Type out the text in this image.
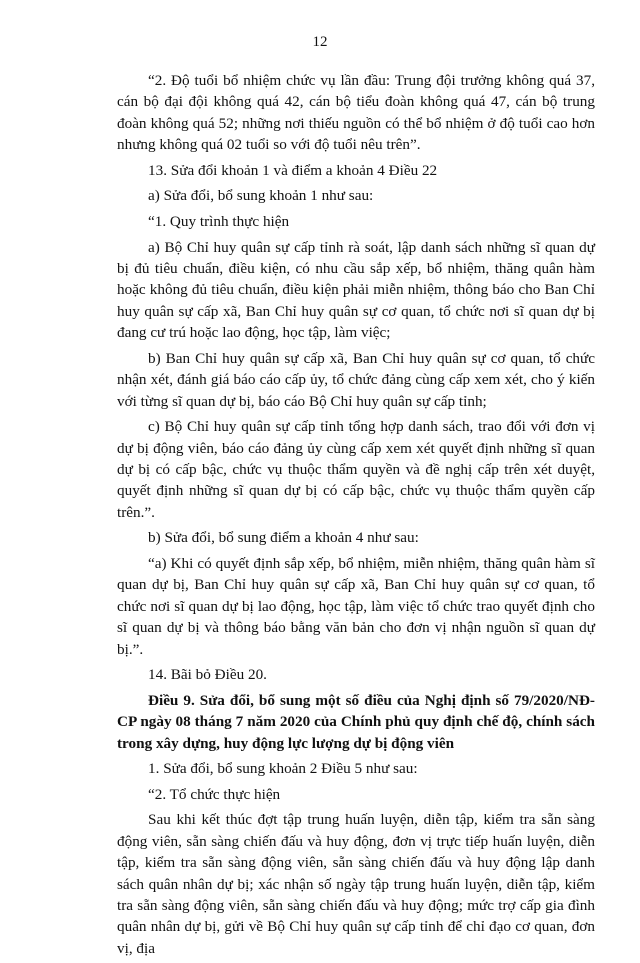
12

“2. Độ tuổi bổ nhiệm chức vụ lần đầu: Trung đội trưởng không quá 37, cán bộ đại đội không quá 42, cán bộ tiểu đoàn không quá 47, cán bộ trung đoàn không quá 52; những nơi thiếu nguồn có thể bổ nhiệm ở độ tuổi cao hơn nhưng không quá 02 tuổi so với độ tuổi nêu trên”.

13. Sửa đổi khoản 1 và điểm a khoản 4 Điều 22

a) Sửa đổi, bổ sung khoản 1 như sau:

“1. Quy trình thực hiện

a) Bộ Chỉ huy quân sự cấp tỉnh rà soát, lập danh sách những sĩ quan dự bị đủ tiêu chuẩn, điều kiện, có nhu cầu sắp xếp, bổ nhiệm, thăng quân hàm hoặc không đủ tiêu chuẩn, điều kiện phải miễn nhiệm, thông báo cho Ban Chỉ huy quân sự cấp xã, Ban Chỉ huy quân sự cơ quan, tổ chức nơi sĩ quan dự bị đang cư trú hoặc lao động, học tập, làm việc;

b) Ban Chỉ huy quân sự cấp xã, Ban Chỉ huy quân sự cơ quan, tổ chức nhận xét, đánh giá báo cáo cấp ủy, tổ chức đảng cùng cấp xem xét, cho ý kiến với từng sĩ quan dự bị, báo cáo Bộ Chỉ huy quân sự cấp tỉnh;

c) Bộ Chỉ huy quân sự cấp tỉnh tổng hợp danh sách, trao đổi với đơn vị dự bị động viên, báo cáo đảng ủy cùng cấp xem xét quyết định những sĩ quan dự bị có cấp bậc, chức vụ thuộc thẩm quyền và đề nghị cấp trên xét duyệt, quyết định những sĩ quan dự bị có cấp bậc, chức vụ thuộc thẩm quyền cấp trên.”.

b) Sửa đổi, bổ sung điểm a khoản 4 như sau:

“a) Khi có quyết định sắp xếp, bổ nhiệm, miễn nhiệm, thăng quân hàm sĩ quan dự bị, Ban Chỉ huy quân sự cấp xã, Ban Chỉ huy quân sự cơ quan, tổ chức nơi sĩ quan dự bị lao động, học tập, làm việc tổ chức trao quyết định cho sĩ quan dự bị và thông báo bằng văn bản cho đơn vị nhận nguồn sĩ quan dự bị.”.

14. Bãi bỏ Điều 20.

Điều 9. Sửa đổi, bổ sung một số điều của Nghị định số 79/2020/NĐ-CP ngày 08 tháng 7 năm 2020 của Chính phủ quy định chế độ, chính sách trong xây dựng, huy động lực lượng dự bị động viên

1. Sửa đổi, bổ sung khoản 2 Điều 5 như sau:

“2. Tổ chức thực hiện

Sau khi kết thúc đợt tập trung huấn luyện, diễn tập, kiểm tra sẵn sàng động viên, sẵn sàng chiến đấu và huy động, đơn vị trực tiếp huấn luyện, diễn tập, kiểm tra sẵn sàng động viên, sẵn sàng chiến đấu và huy động lập danh sách quân nhân dự bị; xác nhận số ngày tập trung huấn luyện, diễn tập, kiểm tra sẵn sàng động viên, sẵn sàng chiến đấu và huy động; mức trợ cấp gia đình quân nhân dự bị, gửi về Bộ Chỉ huy quân sự cấp tỉnh để chỉ đạo cơ quan, đơn vị, địa
